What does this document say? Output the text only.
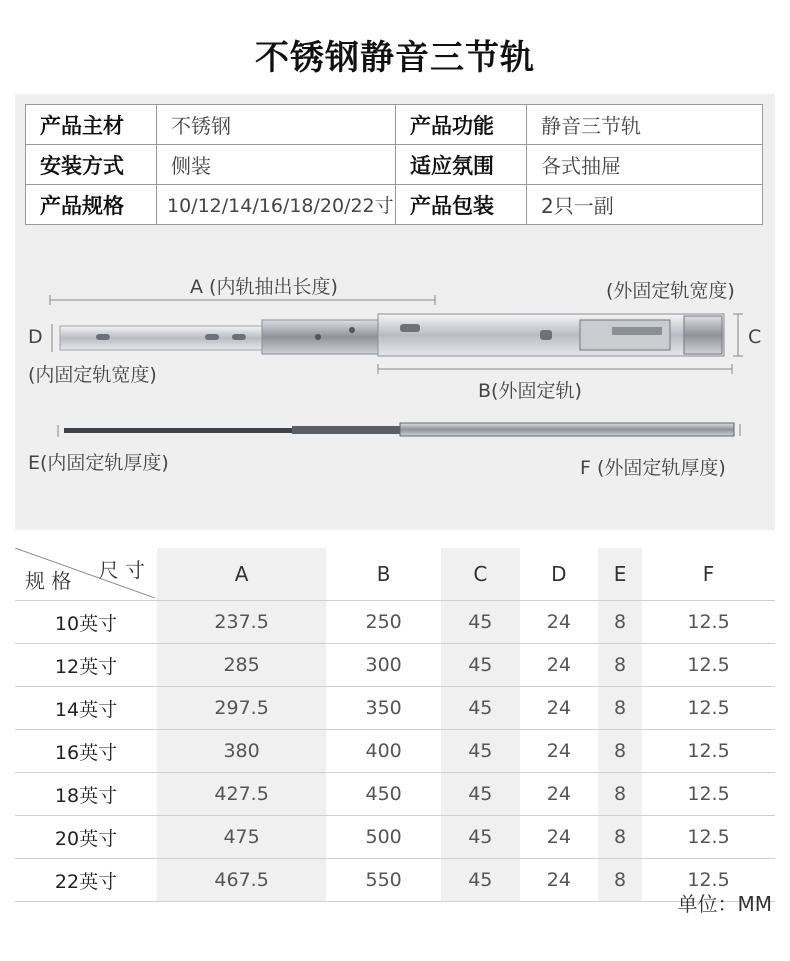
不锈钢静音三节轨
产品主材	不锈钢	产品功能	静音三节轨
安装方式	侧装	适应氛围	各式抽屉
产品规格	10/12/14/16/18/20/22寸	产品包装	2只一副
A (内轨抽出长度)	(外固定轨宽度)
D	C
(内固定轨宽度)
B(外固定轨)
E(内固定轨厚度)	F (外固定轨厚度)
尺 寸
规 格	A	B	C	D	E	F
10英寸	237.5	250	45	24	8	12.5
12英寸	285	300	45	24	8	12.5
14英寸	297.5	350	45	24	8	12.5
16英寸	380	400	45	24	8	12.5
18英寸	427.5	450	45	24	8	12.5
20英寸	475	500	45	24	8	12.5
22英寸	467.5	550	45	24	8	12.5
单位：MM
